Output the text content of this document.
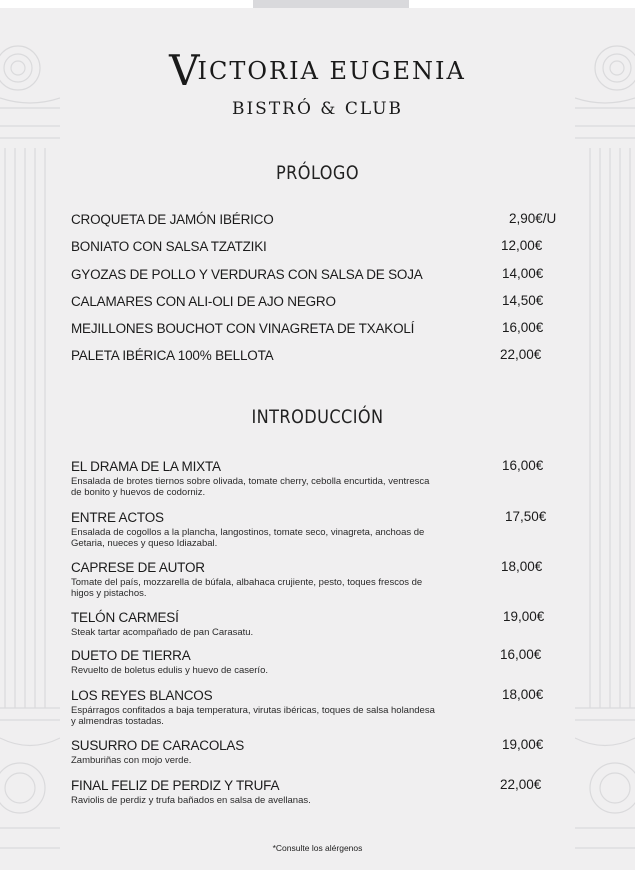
VICTORIA EUGENIA
BISTRÓ & CLUB
PRÓLOGO
CROQUETA DE JAMÓN IBÉRICO	2,90€/U
BONIATO CON SALSA TZATZIKI	12,00€
GYOZAS DE POLLO Y VERDURAS CON SALSA DE SOJA	14,00€
CALAMARES CON ALI-OLI DE AJO NEGRO	14,50€
MEJILLONES BOUCHOT CON VINAGRETA DE TXAKOLÍ	16,00€
PALETA IBÉRICA 100% BELLOTA	22,00€
INTRODUCCIÓN
EL DRAMA DE LA MIXTA	16,00€
Ensalada de brotes tiernos sobre olivada, tomate cherry, cebolla encurtida, ventresca de bonito y huevos de codorniz.
ENTRE ACTOS	17,50€
Ensalada de cogollos a la plancha, langostinos, tomate seco, vinagreta, anchoas de Getaria, nueces y queso Idiazabal.
CAPRESE DE AUTOR	18,00€
Tomate del país, mozzarella de búfala, albahaca crujiente, pesto, toques frescos de higos y pistachos.
TELÓN CARMESÍ	19,00€
Steak tartar acompañado de pan Carasatu.
DUETO DE TIERRA	16,00€
Revuelto de boletus edulis y huevo de caserío.
LOS REYES BLANCOS	18,00€
Espárragos confitados a baja temperatura, virutas ibéricas, toques de salsa holandesa y almendras tostadas.
SUSURRO DE CARACOLAS	19,00€
Zamburiñas con mojo verde.
FINAL FELIZ DE PERDIZ Y TRUFA	22,00€
Raviolis de perdiz y trufa bañados en salsa de avellanas.
*Consulte los alérgenos
